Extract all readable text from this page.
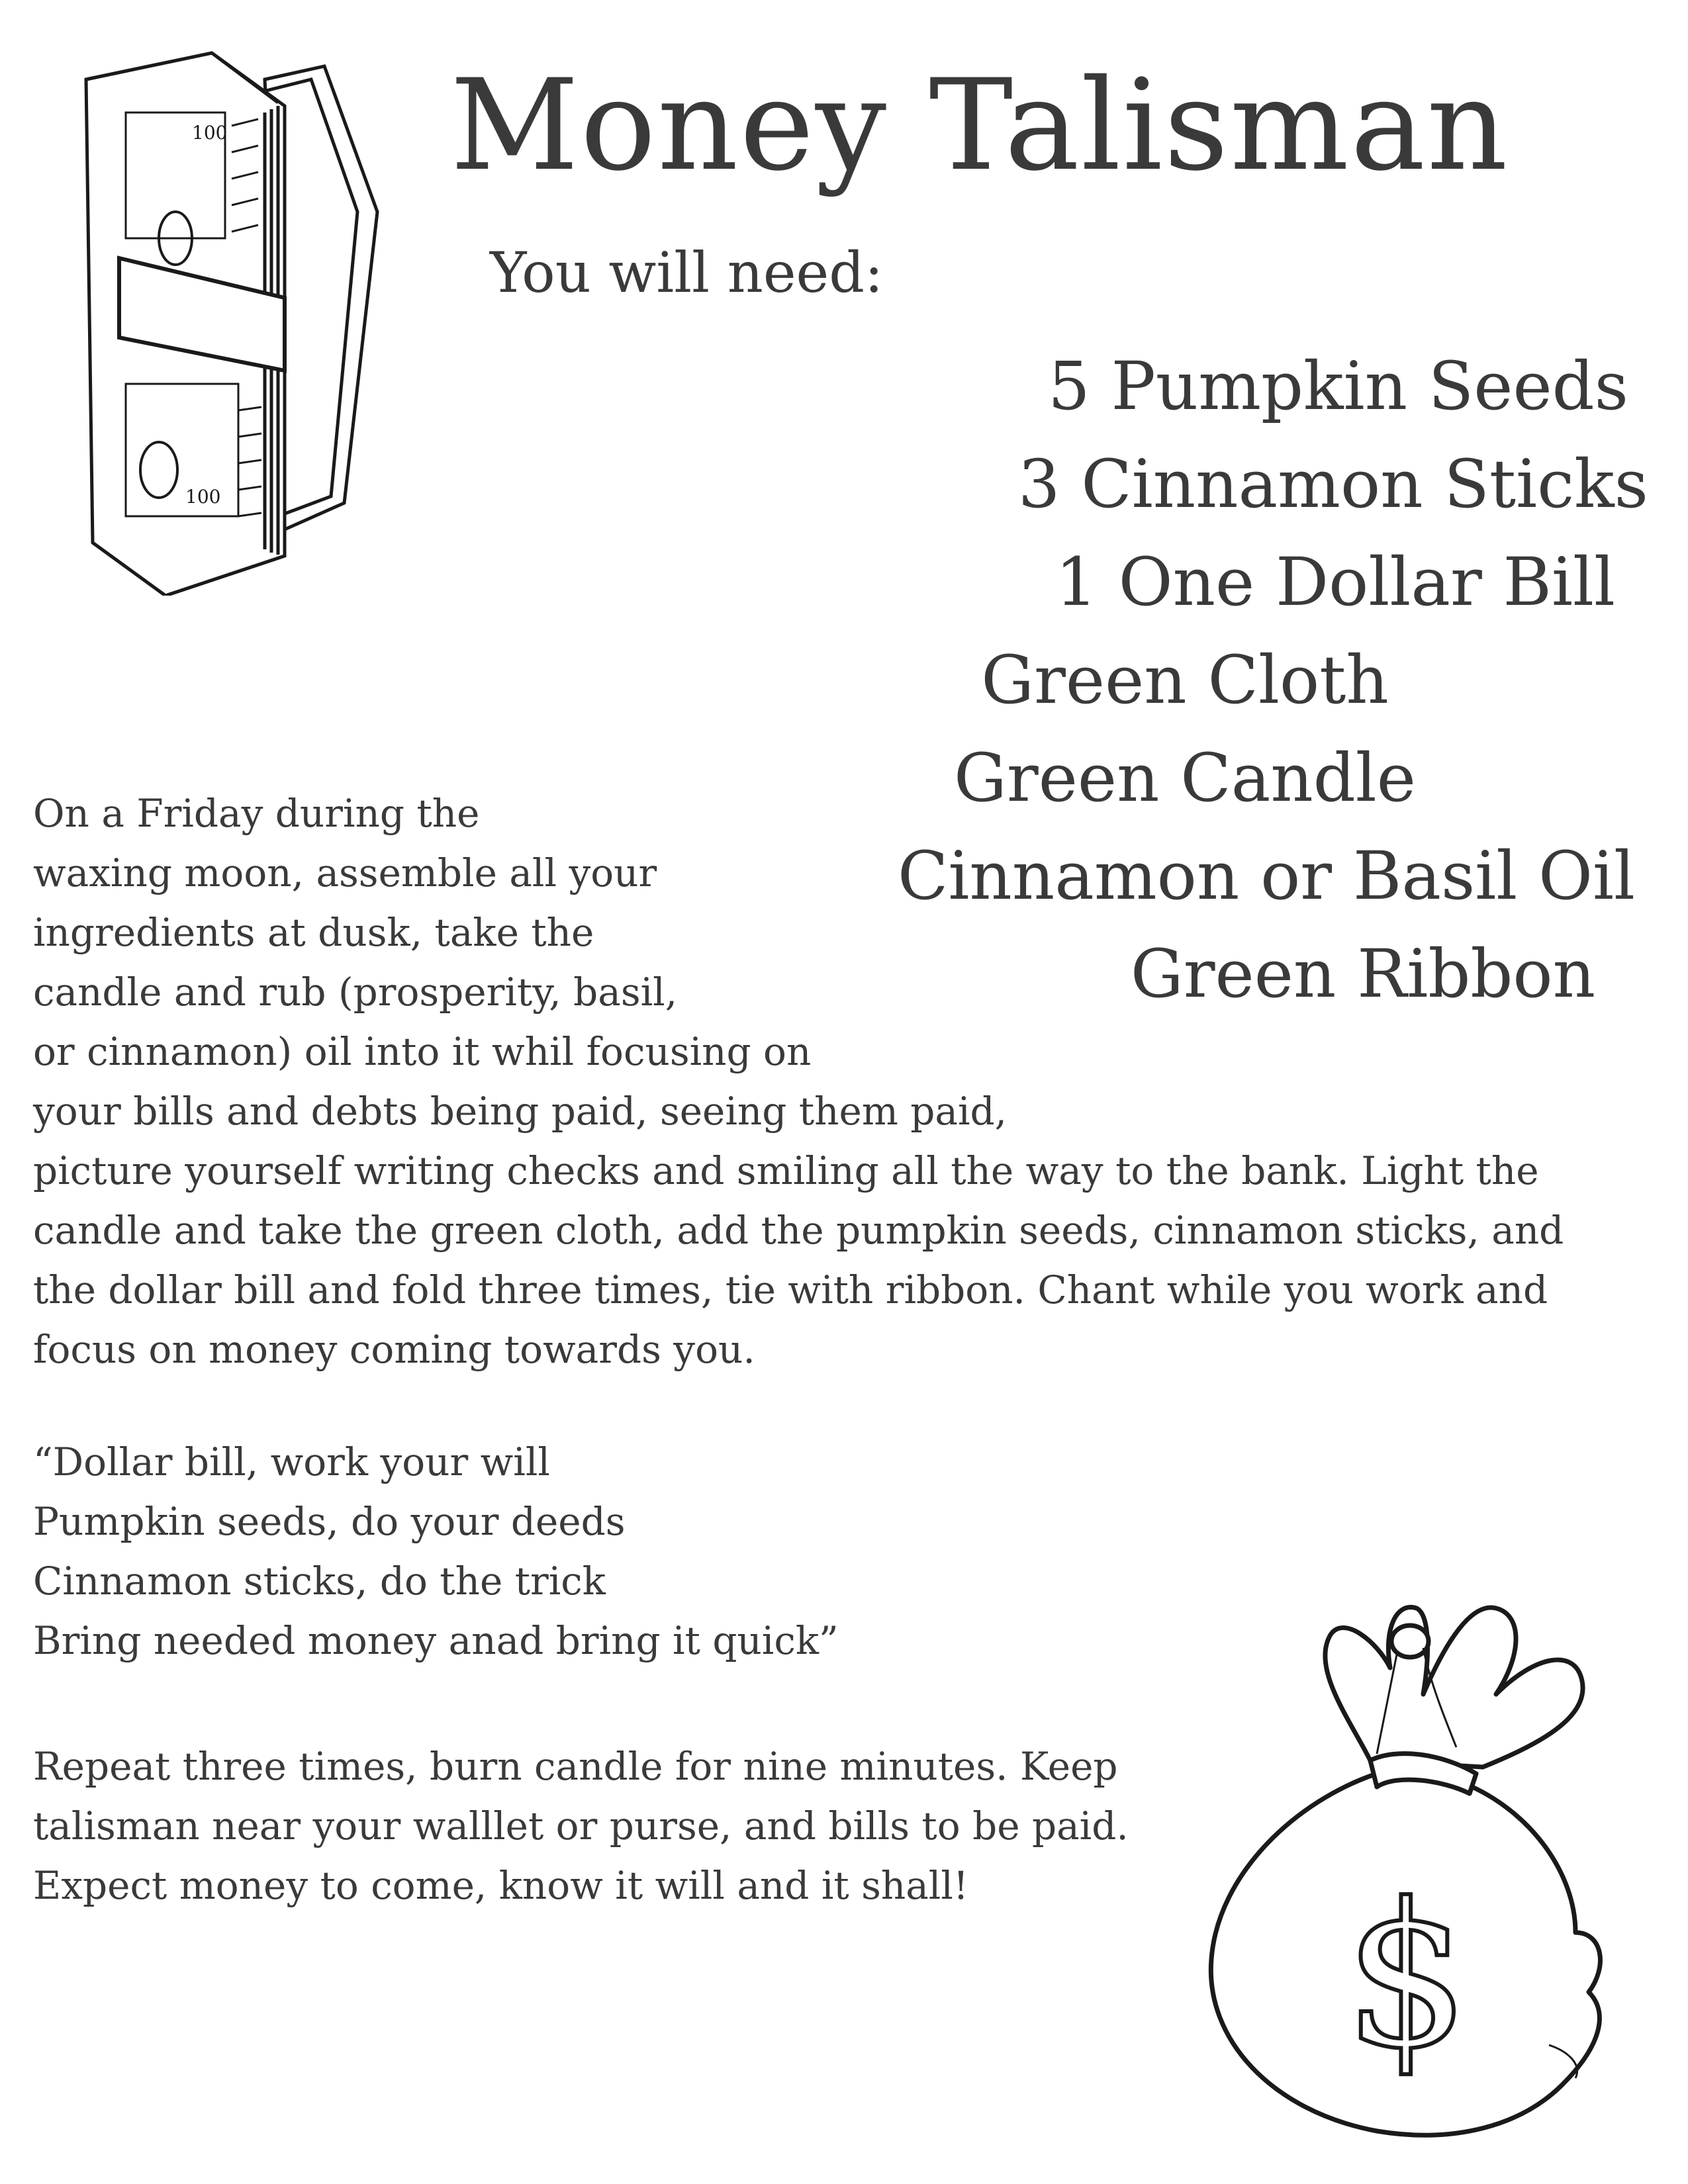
100
100
Money Talisman
You will need:
5 Pumpkin Seeds
3 Cinnamon Sticks
1 One Dollar Bill
Green Cloth
Green Candle
Cinnamon or Basil Oil
Green Ribbon
On a Friday during the
waxing moon, assemble all your
ingredients at dusk, take the
candle and rub (prosperity, basil,
or cinnamon) oil into it whil focusing on
your bills and debts being paid, seeing them paid,
picture yourself writing checks and smiling all the way to the bank. Light the
candle and take the green cloth, add the pumpkin seeds, cinnamon sticks, and
the dollar bill and fold three times, tie with ribbon. Chant while you work and
focus on money coming towards you.
“Dollar bill, work your will
Pumpkin seeds, do your deeds
Cinnamon sticks, do the trick
Bring needed money anad bring it quick”
Repeat three times, burn candle for nine minutes. Keep
talisman near your walllet or purse, and bills to be paid.
Expect money to come, know it will and it shall! $
